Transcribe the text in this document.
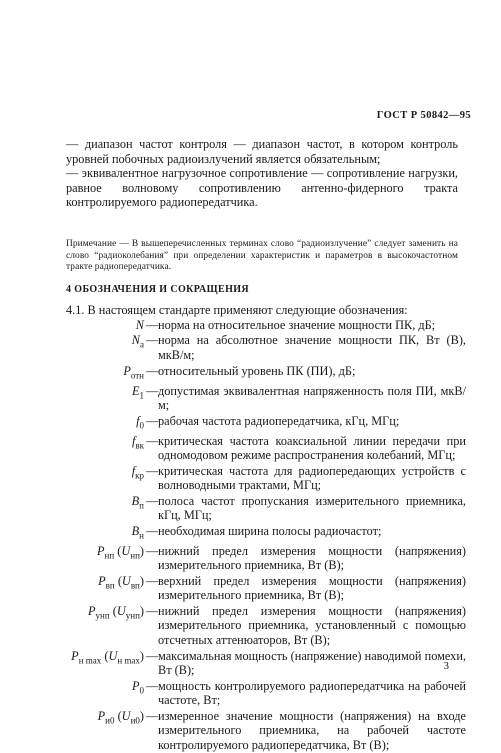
ГОСТ Р 50842—95
— диапазон частот контроля — диапазон частот, в котором контроль уровней побочных радиоизлучений является обязательным;
— эквивалентное нагрузочное сопротивление — сопротивление нагрузки, равное волновому сопротивлению антенно-фидерного тракта контролируемого радиопередатчика.
Примечание — В вышеперечисленных терминах слово “радиоизлучение” следует заменить на слово “радиоколебания” при определении характеристик и параметров в высокочастотном тракте радиопередатчика.
4 ОБОЗНАЧЕНИЯ И СОКРАЩЕНИЯ
4.1. В настоящем стандарте применяют следующие обозначения:
N — норма на относительное значение мощности ПК, дБ;
$N_а$ — норма на абсолютное значение мощности ПК, Вт (В), мкВ/м;
$P_{отн}$ — относительный уровень ПК (ПИ), дБ;
$E_1$ — допустимая эквивалентная напряженность поля ПИ, мкВ/м;
$f_0$ — рабочая частота радиопередатчика, кГц, МГц;
$f_{вк}$ — критическая частота коаксиальной линии передачи при одномодовом режиме распространения колебаний, МГц;
$f_{кр}$ — критическая частота для радиопередающих устройств с волноводными трактами, МГц;
$B_п$ — полоса частот пропускания измерительного приемника, кГц, МГц;
$B_н$ — необходимая ширина полосы радиочастот;
$P_{нп}$ $(U_{нп})$ — нижний предел измерения мощности (напряжения) измерительного приемника, Вт (В);
$P_{вп}$ $(U_{вп})$ — верхний предел измерения мощности (напряжения) измерительного приемника, Вт (В);
$P_{унп}$ $(U_{унп})$ — нижний предел измерения мощности (напряжения) измерительного приемника, установленный с помощью отсчетных аттенюаторов, Вт (В);
$P_{н max}$ $(U_{н max})$ — максимальная мощность (напряжение) наводимой помехи, Вт (В);
$P_0$ — мощность контролируемого радиопередатчика на рабочей частоте, Вт;
$P_{и0}$ $(U_{и0})$ — измеренное значение мощности (напряжения) на входе измерительного приемника, на рабочей частоте контролируемого радиопередатчика, Вт (В);
3
